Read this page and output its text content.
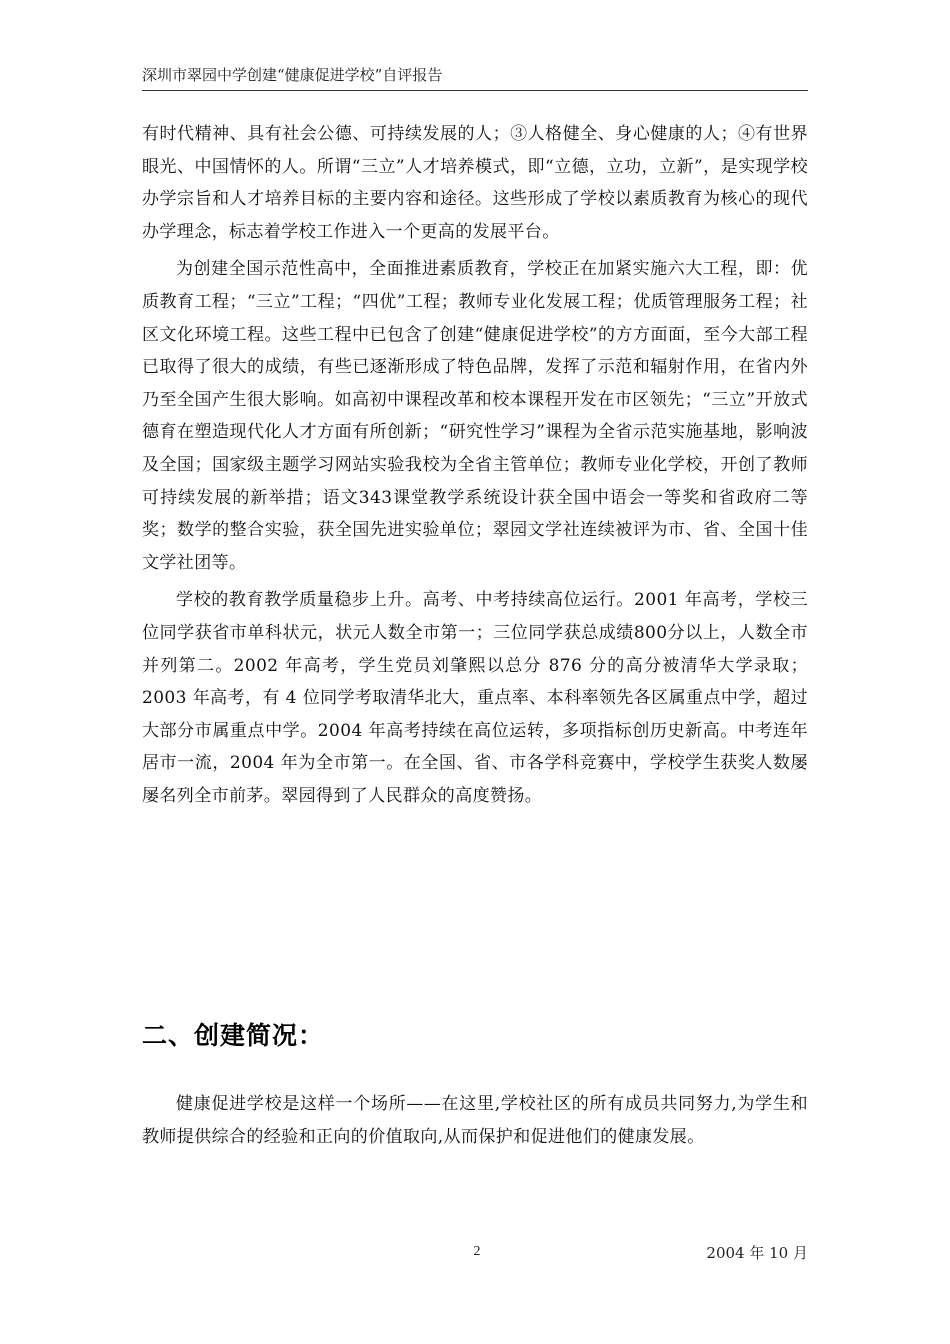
深圳市翠园中学创建“健康促进学校”自评报告

有时代精神、具有社会公德、可持续发展的人；③人格健全、身心健康的人；④有世界眼光、中国情怀的人。所谓“三立”人才培养模式，即“立德，立功，立新”，是实现学校办学宗旨和人才培养目标的主要内容和途径。这些形成了学校以素质教育为核心的现代办学理念，标志着学校工作进入一个更高的发展平台。

为创建全国示范性高中，全面推进素质教育，学校正在加紧实施六大工程，即：优质教育工程；“三立”工程；“四优”工程；教师专业化发展工程；优质管理服务工程；社区文化环境工程。这些工程中已包含了创建“健康促进学校”的方方面面，至今大部工程已取得了很大的成绩，有些已逐渐形成了特色品牌，发挥了示范和辐射作用，在省内外乃至全国产生很大影响。如高初中课程改革和校本课程开发在市区领先；“三立”开放式德育在塑造现代化人才方面有所创新；“研究性学习”课程为全省示范实施基地，影响波及全国；国家级主题学习网站实验我校为全省主管单位；教师专业化学校，开创了教师可持续发展的新举措；语文343课堂教学系统设计获全国中语会一等奖和省政府二等奖；数学的整合实验，获全国先进实验单位；翠园文学社连续被评为市、省、全国十佳文学社团等。

学校的教育教学质量稳步上升。高考、中考持续高位运行。2001 年高考，学校三位同学获省市单科状元，状元人数全市第一；三位同学获总成绩800分以上，人数全市并列第二。2002 年高考，学生党员刘肇熙以总分 876 分的高分被清华大学录取；2003 年高考，有 4 位同学考取清华北大，重点率、本科率领先各区属重点中学，超过大部分市属重点中学。2004 年高考持续在高位运转，多项指标创历史新高。中考连年居市一流，2004 年为全市第一。在全国、省、市各学科竞赛中，学校学生获奖人数屡屡名列全市前茅。翠园得到了人民群众的高度赞扬。

二、创建简况：

健康促进学校是这样一个场所——在这里,学校社区的所有成员共同努力,为学生和教师提供综合的经验和正向的价值取向,从而保护和促进他们的健康发展。

2	2004 年 10 月
